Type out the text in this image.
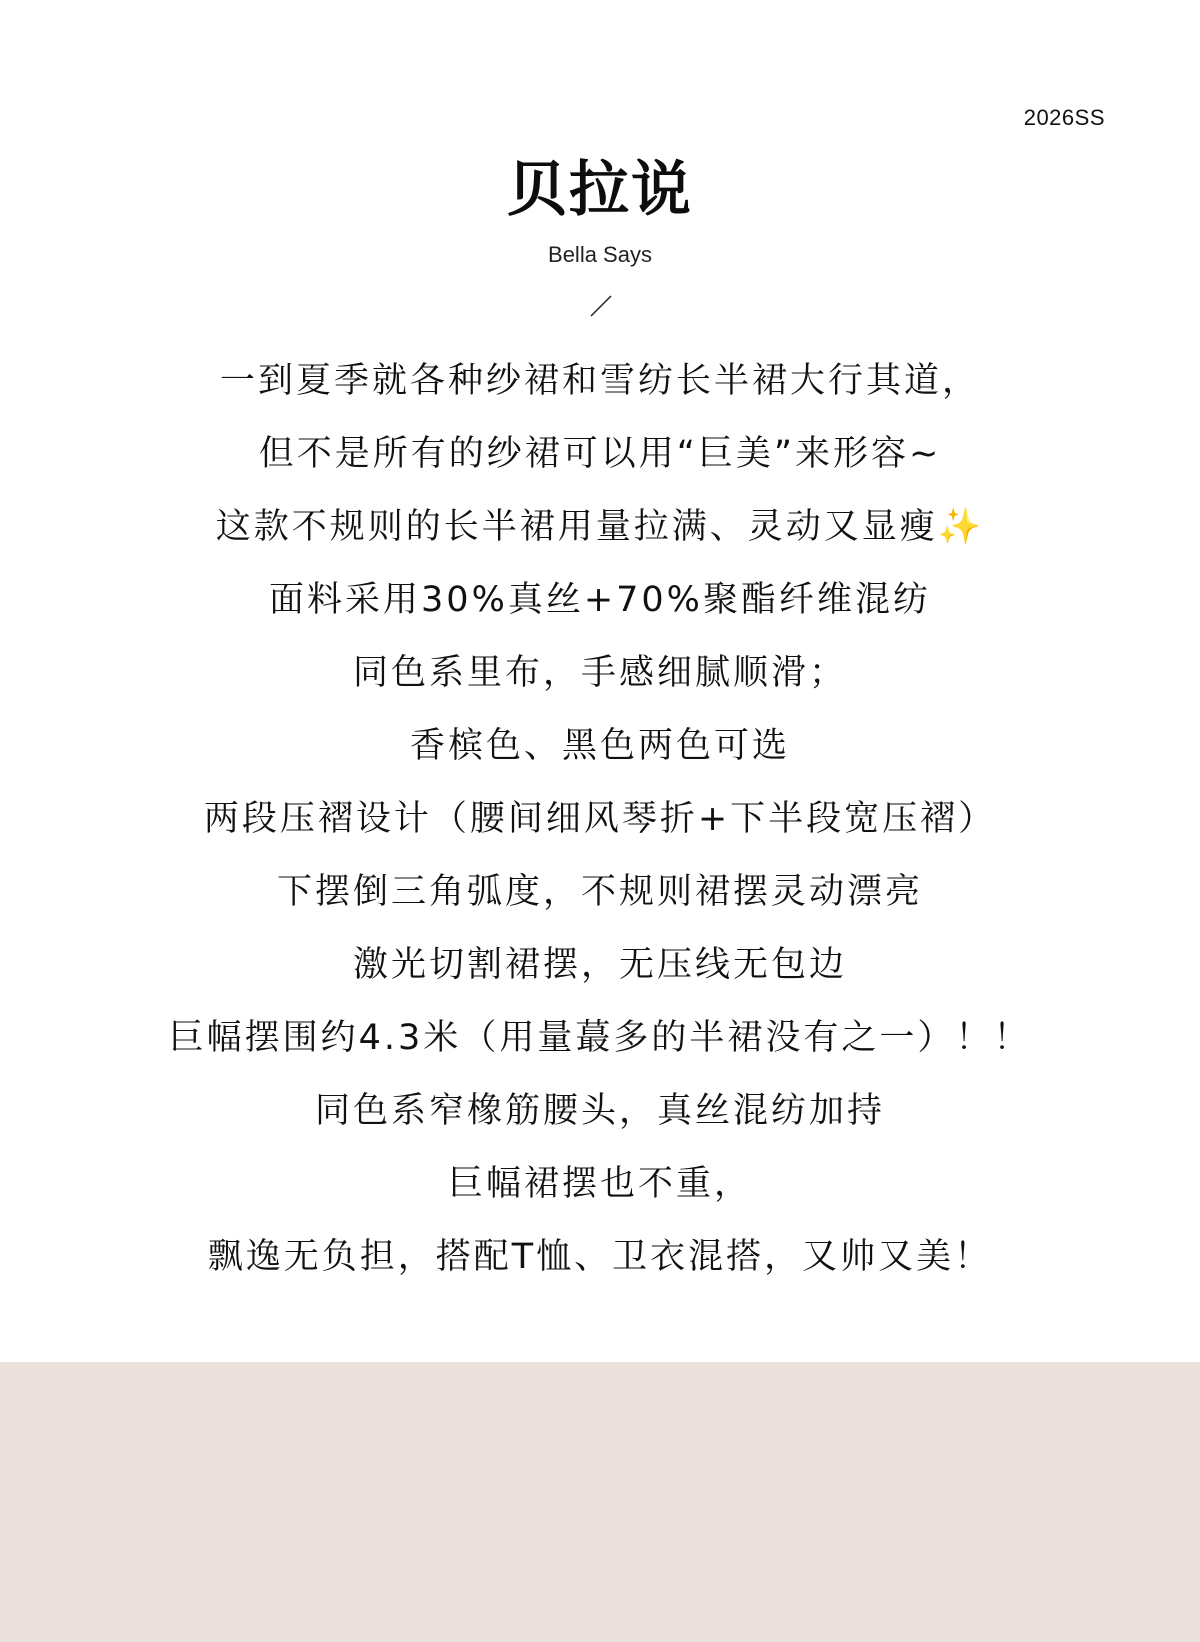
2026SS
贝拉说
Bella Says
一到夏季就各种纱裙和雪纺长半裙大行其道，
但不是所有的纱裙可以用“巨美”来形容~
这款不规则的长半裙用量拉满、灵动又显瘦✨
面料采用30%真丝+70%聚酯纤维混纺
同色系里布，手感细腻顺滑；
香槟色、黑色两色可选
两段压褶设计（腰间细风琴折+下半段宽压褶）
下摆倒三角弧度，不规则裙摆灵动漂亮
激光切割裙摆，无压线无包边
巨幅摆围约4.3米（用量蕞多的半裙没有之一）！！
同色系窄橡筋腰头，真丝混纺加持
巨幅裙摆也不重，
飘逸无负担，搭配T恤、卫衣混搭，又帅又美！
